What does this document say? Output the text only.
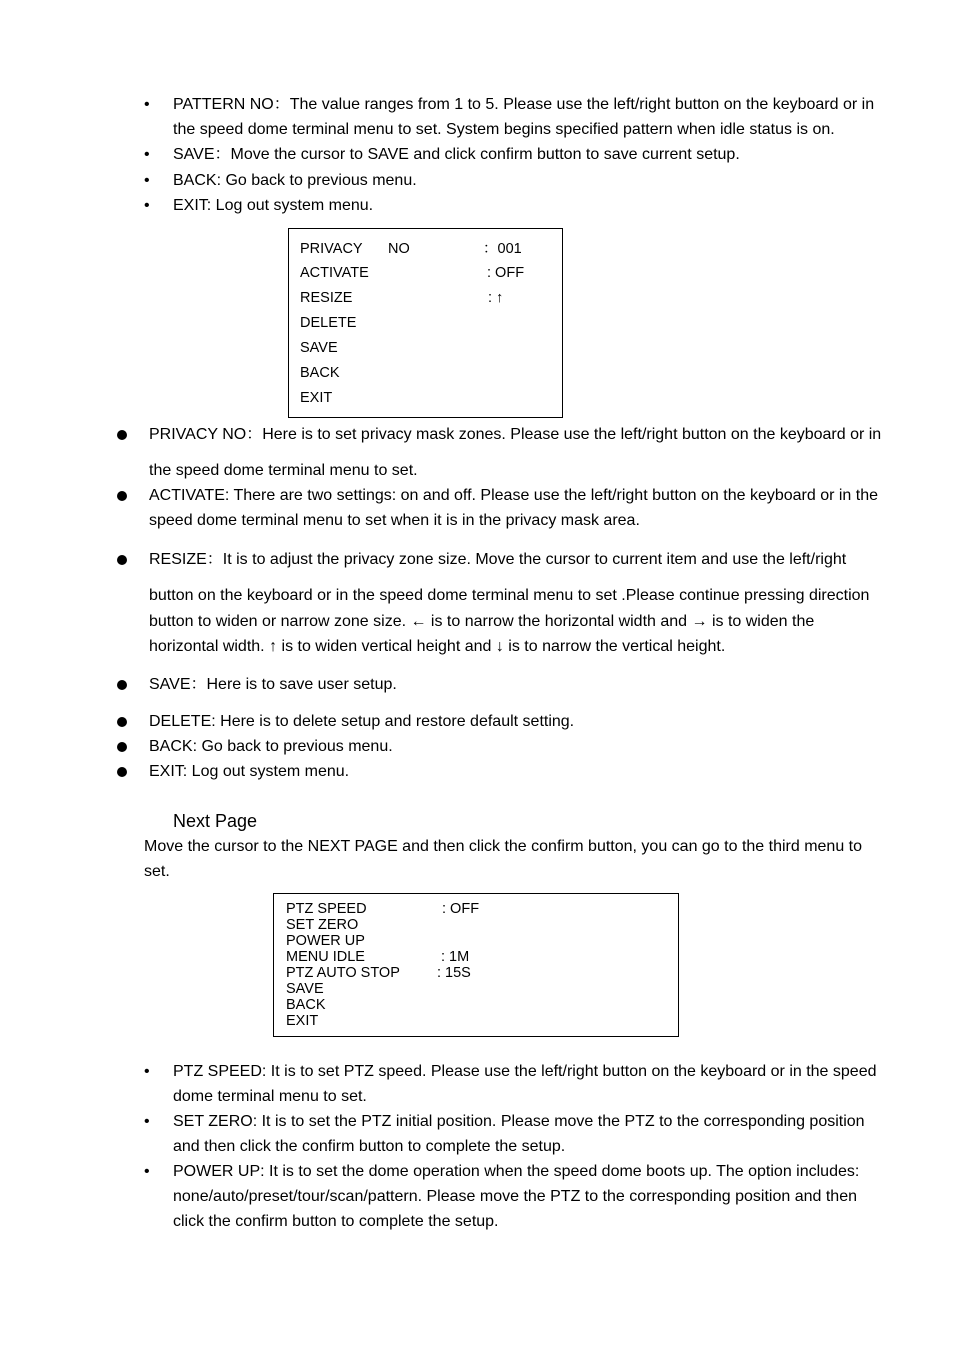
• PATTERN NO：The value ranges from 1 to 5. Please use the left/right button on the keyboard or in
the speed dome terminal menu to set. System begins specified pattern when idle status is on.
• SAVE：Move the cursor to SAVE and click confirm button to save current setup.
• BACK: Go back to previous menu.
• EXIT: Log out system menu.
PRIVACY NO	：001
ACTIVATE	: OFF
RESIZE	: ↑
DELETE
SAVE
BACK
EXIT
PRIVACY NO：Here is to set privacy mask zones. Please use the left/right button on the keyboard or in
the speed dome terminal menu to set.
ACTIVATE: There are two settings: on and off. Please use the left/right button on the keyboard or in the
speed dome terminal menu to set when it is in the privacy mask area.
RESIZE：It is to adjust the privacy zone size. Move the cursor to current item and use the left/right
button on the keyboard or in the speed dome terminal menu to set .Please continue pressing direction
button to widen or narrow zone size. ← is to narrow the horizontal width and → is to widen the
horizontal width. ↑ is to widen vertical height and ↓ is to narrow the vertical height.
SAVE：Here is to save user setup.
DELETE: Here is to delete setup and restore default setting.
BACK: Go back to previous menu.
EXIT: Log out system menu.
Next Page
Move the cursor to the NEXT PAGE and then click the confirm button, you can go to the third menu to
set.
PTZ SPEED	: OFF
SET ZERO
POWER UP
MENU IDLE	: 1M
PTZ AUTO STOP	: 15S
SAVE
BACK
EXIT
• PTZ SPEED: It is to set PTZ speed. Please use the left/right button on the keyboard or in the speed
dome terminal menu to set.
• SET ZERO: It is to set the PTZ initial position. Please move the PTZ to the corresponding position
and then click the confirm button to complete the setup.
• POWER UP: It is to set the dome operation when the speed dome boots up. The option includes:
none/auto/preset/tour/scan/pattern. Please move the PTZ to the corresponding position and then
click the confirm button to complete the setup.
